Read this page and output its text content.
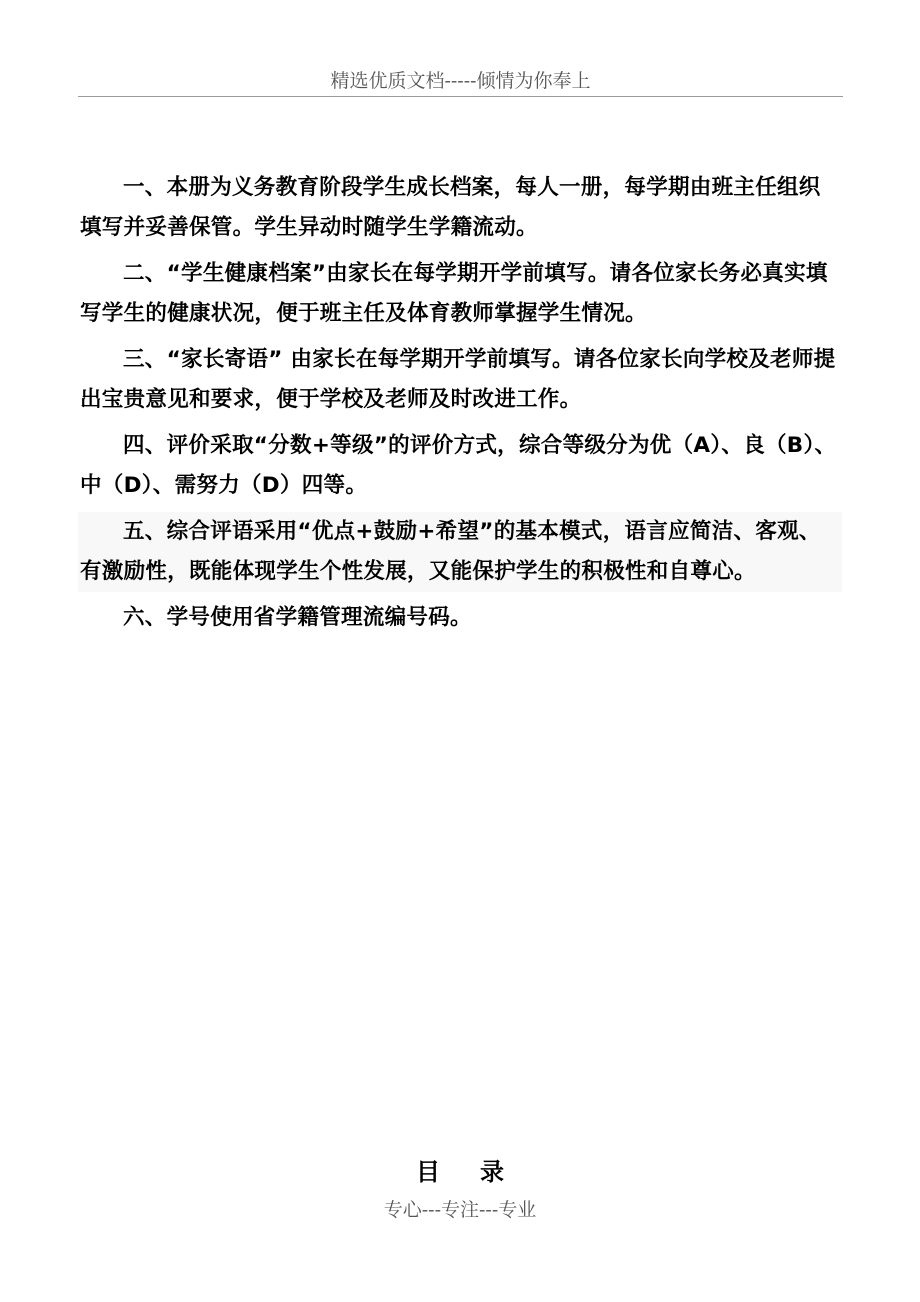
精选优质文档-----倾情为你奉上

一、本册为义务教育阶段学生成长档案，每人一册，每学期由班主任组织填写并妥善保管。学生异动时随学生学籍流动。

二、“学生健康档案”由家长在每学期开学前填写。请各位家长务必真实填写学生的健康状况，便于班主任及体育教师掌握学生情况。

三、“家长寄语” 由家长在每学期开学前填写。请各位家长向学校及老师提出宝贵意见和要求，便于学校及老师及时改进工作。

四、评价采取“分数+等级”的评价方式，综合等级分为优（A）、良（B）、中（D）、需努力（D）四等。

五、综合评语采用“优点+鼓励+希望”的基本模式，语言应简洁、客观、有激励性，既能体现学生个性发展，又能保护学生的积极性和自尊心。

六、学号使用省学籍管理流编号码。

目录
专心---专注---专业
